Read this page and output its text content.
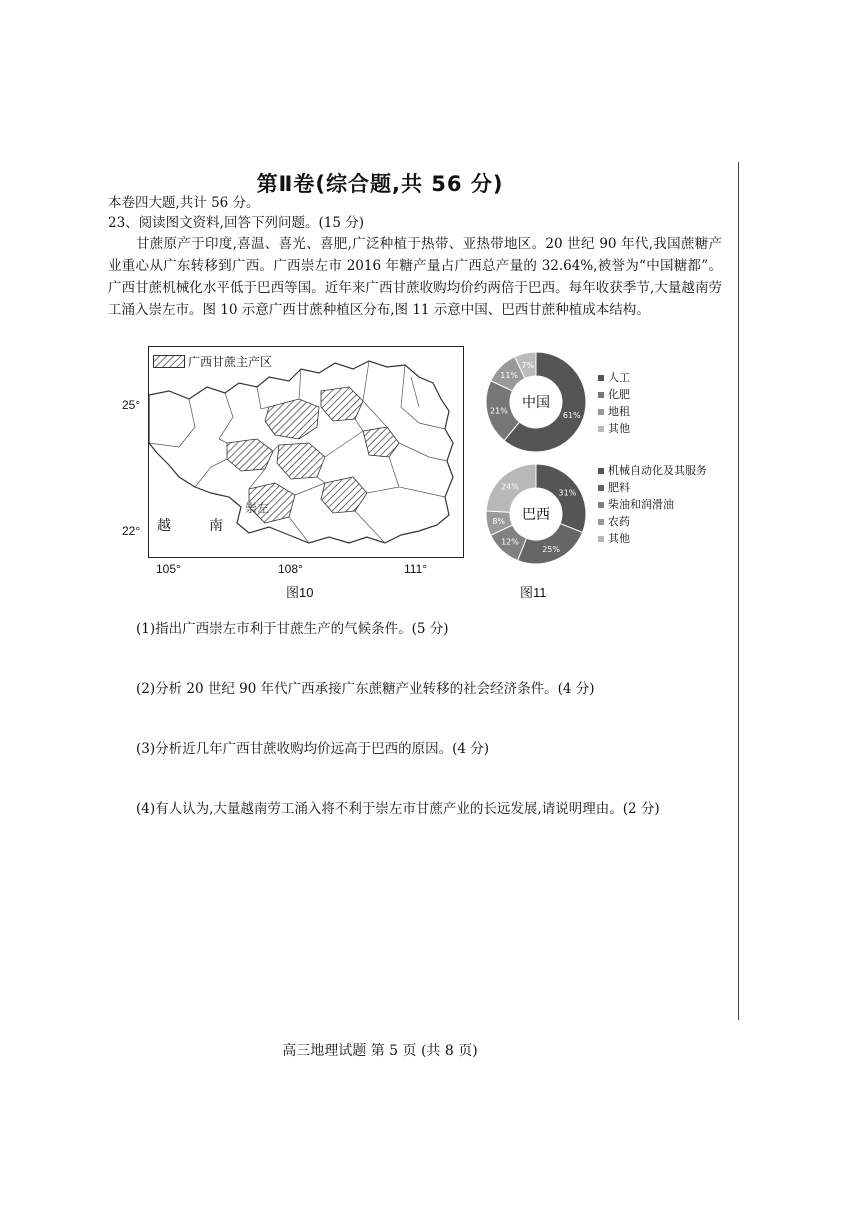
第Ⅱ卷(综合题,共 56 分)
本卷四大题,共计 56 分。
23、阅读图文资料,回答下列问题。(15 分)
甘蔗原产于印度,喜温、喜光、喜肥,广泛种植于热带、亚热带地区。20 世纪 90 年代,我国蔗糖产业重心从广东转移到广西。广西崇左市 2016 年糖产量占广西总产量的 32.64%,被誉为“中国糖都”。广西甘蔗机械化水平低于巴西等国。近年来广西甘蔗收购均价约两倍于巴西。每年收获季节,大量越南劳工涌入崇左市。图 10 示意广西甘蔗种植区分布,图 11 示意中国、巴西甘蔗种植成本结构。
广西甘蔗主产区
越	南
崇左
25°
22°
105°	108°	111°
图10
61%
21%
11%
7%
中国
31%
25%
12%
8%
24%
巴西
人工
化肥
地租
其他
机械自动化及其服务
肥料
柴油和润滑油
农药
其他
图11
(1)指出广西崇左市利于甘蔗生产的气候条件。(5 分)
(2)分析 20 世纪 90 年代广西承接广东蔗糖产业转移的社会经济条件。(4 分)
(3)分析近几年广西甘蔗收购均价远高于巴西的原因。(4 分)
(4)有人认为,大量越南劳工涌入将不利于崇左市甘蔗产业的长远发展,请说明理由。(2 分)
高三地理试题 第 5 页 (共 8 页)
